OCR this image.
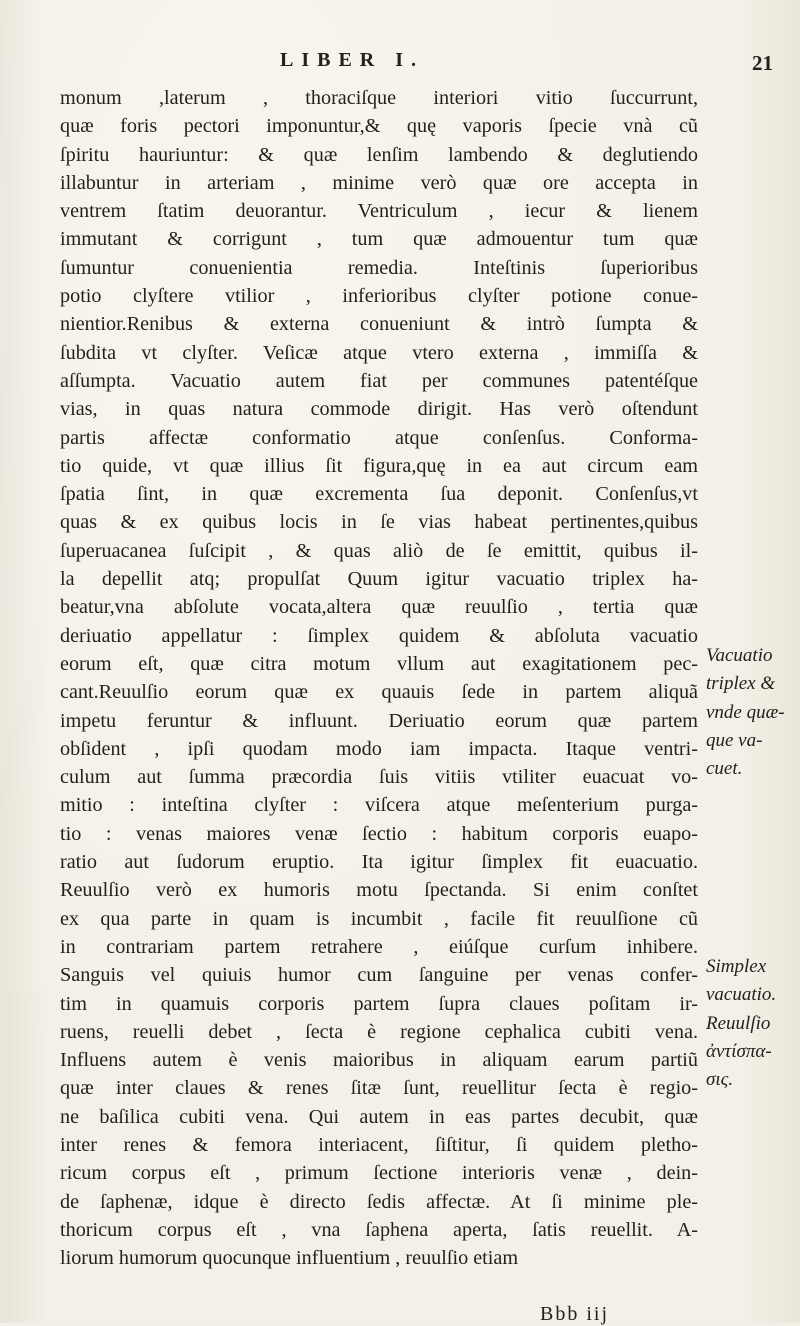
LIBER I.	21
monum ,laterum , thoraciſque interiori vitio ſuccurrunt,
quæ foris pectori imponuntur,& quę vaporis ſpecie vnà cũ
ſpiritu hauriuntur: & quæ lenſim lambendo & deglutiendo
illabuntur in arteriam , minime verò quæ ore accepta in
ventrem ſtatim deuorantur. Ventriculum , iecur & lienem
immutant & corrigunt , tum quæ admouentur tum quæ
ſumuntur conuenientia remedia. Inteſtinis ſuperioribus
potio clyſtere vtilior , inferioribus clyſter potione conue-
nientior.Renibus & externa conueniunt & intrò ſumpta &
ſubdita vt clyſter. Veſicæ atque vtero externa , immiſſa &
aſſumpta. Vacuatio autem fiat per communes patentéſque
vias, in quas natura commode dirigit. Has verò oſtendunt
partis affectæ conformatio atque conſenſus. Conforma-
tio quide, vt quæ illius ſit figura,quę in ea aut circum eam
ſpatia ſint, in quæ excrementa ſua deponit. Conſenſus,vt
quas & ex quibus locis in ſe vias habeat pertinentes,quibus
ſuperuacanea ſuſcipit , & quas aliò de ſe emittit, quibus il-
la depellit atq; propulſat Quum igitur vacuatio triplex ha-
beatur,vna abſolute vocata,altera quæ reuulſio , tertia quæ
deriuatio appellatur : ſimplex quidem & abſoluta vacuatio
eorum eſt, quæ citra motum vllum aut exagitationem pec-
cant.Reuulſio eorum quæ ex quauis ſede in partem aliquã
impetu feruntur & influunt. Deriuatio eorum quæ partem
obſident , ipſi quodam modo iam impacta. Itaque ventri-
culum aut ſumma præcordia ſuis vitiis vtiliter euacuat vo-
mitio : inteſtina clyſter : viſcera atque meſenterium purga-
tio : venas maiores venæ ſectio : habitum corporis euapo-
ratio aut ſudorum eruptio. Ita igitur ſimplex fit euacuatio.
Reuulſio verò ex humoris motu ſpectanda. Si enim conſtet
ex qua parte in quam is incumbit , facile fit reuulſione cũ
in contrariam partem retrahere , eiúſque curſum inhibere.
Sanguis vel quiuis humor cum ſanguine per venas confer-
tim in quamuis corporis partem ſupra claues poſitam ir-
ruens, reuelli debet , ſecta è regione cephalica cubiti vena.
Influens autem è venis maioribus in aliquam earum partiũ
quæ inter claues & renes ſitæ ſunt, reuellitur ſecta è regio-
ne baſilica cubiti vena. Qui autem in eas partes decubit, quæ
inter renes & femora interiacent, ſiſtitur, ſi quidem pletho-
ricum corpus eſt , primum ſectione interioris venæ , dein-
de ſaphenæ, idque è directo ſedis affectæ. At ſi minime ple-
thoricum corpus eſt , vna ſaphena aperta, ſatis reuellit. A-
liorum humorum quocunque influentium , reuulſio etiam
Vacuatio
triplex &
vnde quæ-
que va-
cuet.
Simplex
vacuatio.
Reuulſio
ἀντίσπα-
σις.
Bbb iij
